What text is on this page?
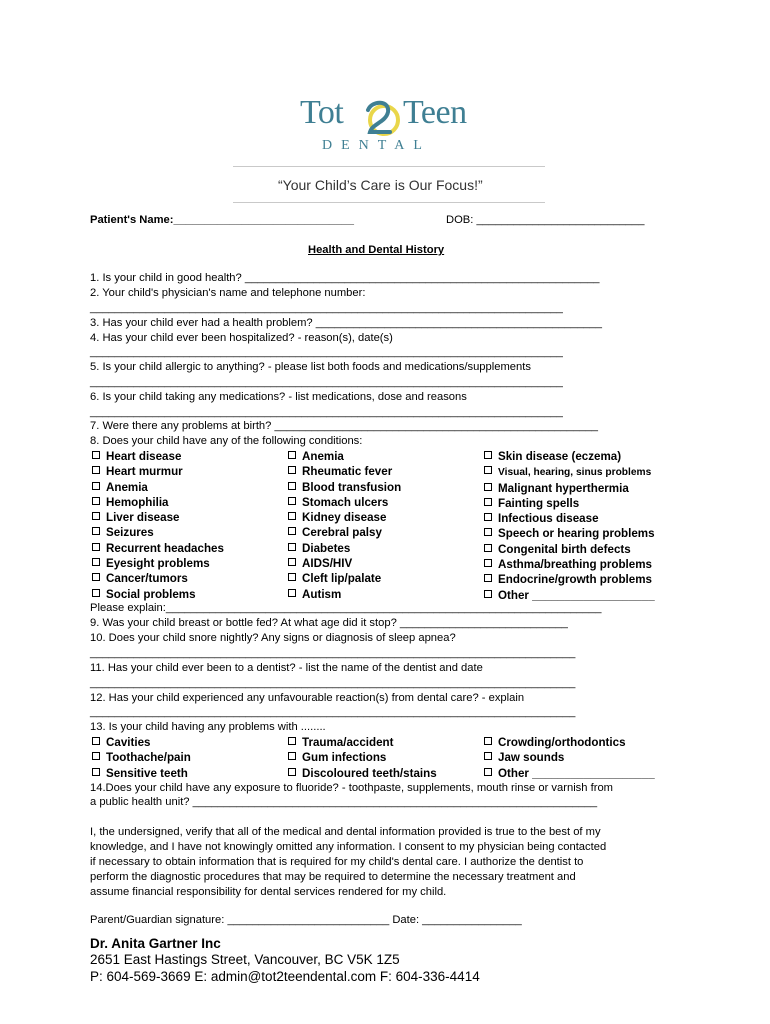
Tot Teen
DENTAL
“Your Child’s Care is Our Focus!”
Patient's Name:_____________________________	DOB: ___________________________
Health and Dental History
1. Is your child in good health? _________________________________________________________
2. Your child's physician's name and telephone number:
____________________________________________________________________________
3. Has your child ever had a health problem? ______________________________________________
4. Has your child ever been hospitalized? - reason(s), date(s)
____________________________________________________________________________
5. Is your child allergic to anything? - please list both foods and medications/supplements
____________________________________________________________________________
6. Is your child taking any medications? - list medications, dose and reasons
____________________________________________________________________________
7. Were there any problems at birth? ____________________________________________________
8. Does your child have any of the following conditions:
Heart disease
Heart murmur
Anemia
Hemophilia
Liver disease
Seizures
Recurrent headaches
Eyesight problems
Cancer/tumors
Social problems
Anemia
Rheumatic fever
Blood transfusion
Stomach ulcers
Kidney disease
Cerebral palsy
Diabetes
AIDS/HIV
Cleft lip/palate
Autism
Skin disease (eczema)
Visual, hearing, sinus problems
Malignant hyperthermia
Fainting spells
Infectious disease
Speech or hearing problems
Congenital birth defects
Asthma/breathing problems
Endocrine/growth problems
Other ___________________
Please explain:______________________________________________________________________
9. Was your child breast or bottle fed? At what age did it stop? ___________________________
10. Does your child snore nightly? Any signs or diagnosis of sleep apnea?
______________________________________________________________________________
11. Has your child ever been to a dentist? - list the name of the dentist and date
______________________________________________________________________________
12. Has your child experienced any unfavourable reaction(s) from dental care? - explain
______________________________________________________________________________
13. Is your child having any problems with ........
Cavities
Toothache/pain
Sensitive teeth
Trauma/accident
Gum infections
Discoloured teeth/stains
Crowding/orthodontics
Jaw sounds
Other ___________________
14.Does your child have any exposure to fluoride? - toothpaste, supplements, mouth rinse or varnish from
a public health unit? _________________________________________________________________
I, the undersigned, verify that all of the medical and dental information provided is true to the best of my
knowledge, and I have not knowingly omitted any information. I consent to my physician being contacted
if necessary to obtain information that is required for my child's dental care. I authorize the dentist to
perform the diagnostic procedures that may be required to determine the necessary treatment and
assume financial responsibility for dental services rendered for my child.
Parent/Guardian signature: __________________________ Date: ________________
Dr. Anita Gartner Inc
2651 East Hastings Street, Vancouver, BC V5K 1Z5
P: 604-569-3669 E: admin@tot2teendental.com F: 604-336-4414
